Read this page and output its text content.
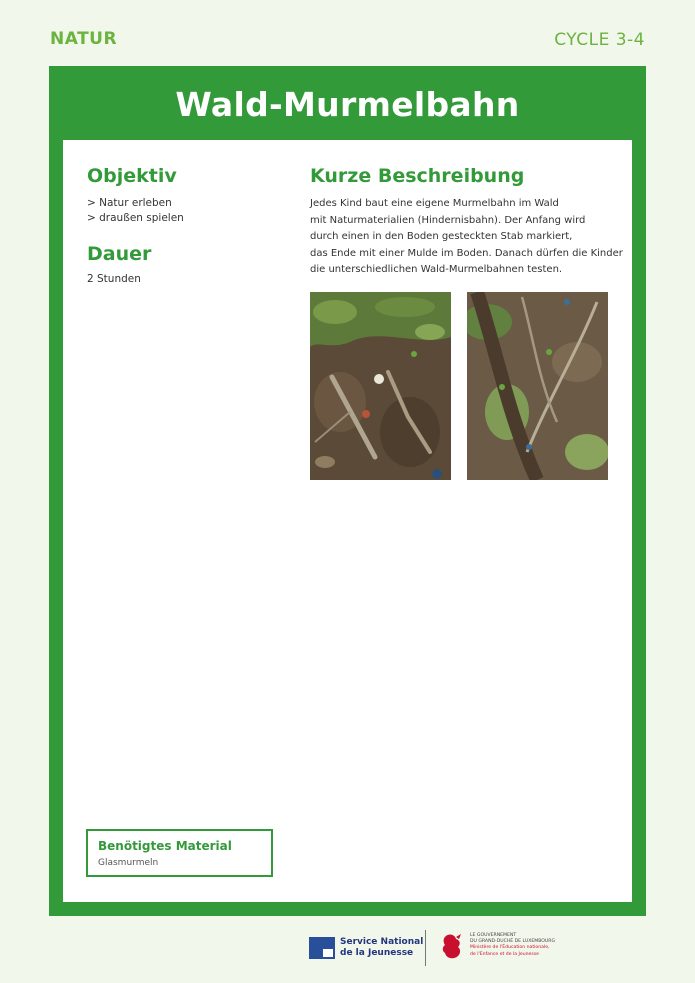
NATUR	CYCLE 3-4
Wald-Murmelbahn
Objektiv
> Natur erleben
> draußen spielen
Dauer
2 Stunden
Kurze Beschreibung
Jedes Kind baut eine eigene Murmelbahn im Wald
mit Naturmaterialien (Hindernisbahn). Der Anfang wird
durch einen in den Boden gesteckten Stab markiert,
das Ende mit einer Mulde im Boden. Danach dürfen die Kinder
die unterschiedlichen Wald-Murmelbahnen testen.
Benötigtes Material
Glasmurmeln
Service National
de la Jeunesse
LE GOUVERNEMENT
DU GRAND-DUCHÉ DE LUXEMBOURG
Ministère de l'Éducation nationale,
de l'Enfance et de la Jeunesse
